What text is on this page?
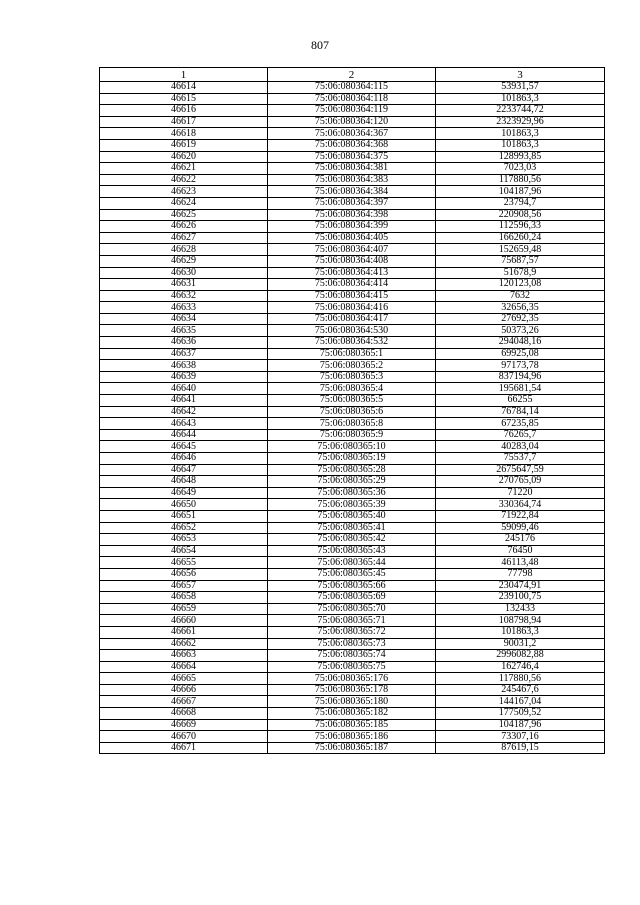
807
1	2	3
46614	75:06:080364:115	53931,57
46615	75:06:080364:118	101863,3
46616	75:06:080364:119	2233744,72
46617	75:06:080364:120	2323929,96
46618	75:06:080364:367	101863,3
46619	75:06:080364:368	101863,3
46620	75:06:080364:375	128993,85
46621	75:06:080364:381	7023,03
46622	75:06:080364:383	117880,56
46623	75:06:080364:384	104187,96
46624	75:06:080364:397	23794,7
46625	75:06:080364:398	220908,56
46626	75:06:080364:399	112596,33
46627	75:06:080364:405	166260,24
46628	75:06:080364:407	152659,48
46629	75:06:080364:408	75687,57
46630	75:06:080364:413	51678,9
46631	75:06:080364:414	120123,08
46632	75:06:080364:415	7632
46633	75:06:080364:416	32656,35
46634	75:06:080364:417	27692,35
46635	75:06:080364:530	50373,26
46636	75:06:080364:532	294048,16
46637	75:06:080365:1	69925,08
46638	75:06:080365:2	97173,78
46639	75:06:080365:3	837194,96
46640	75:06:080365:4	195681,54
46641	75:06:080365:5	66255
46642	75:06:080365:6	76784,14
46643	75:06:080365:8	67235,85
46644	75:06:080365:9	76265,7
46645	75:06:080365:10	40283,04
46646	75:06:080365:19	75537,7
46647	75:06:080365:28	2675647,59
46648	75:06:080365:29	270765,09
46649	75:06:080365:36	71220
46650	75:06:080365:39	330364,74
46651	75:06:080365:40	71922,84
46652	75:06:080365:41	59099,46
46653	75:06:080365:42	245176
46654	75:06:080365:43	76450
46655	75:06:080365:44	46113,48
46656	75:06:080365:45	77798
46657	75:06:080365:66	230474,91
46658	75:06:080365:69	239100,75
46659	75:06:080365:70	132433
46660	75:06:080365:71	108798,94
46661	75:06:080365:72	101863,3
46662	75:06:080365:73	90031,2
46663	75:06:080365:74	2996082,88
46664	75:06:080365:75	162746,4
46665	75:06:080365:176	117880,56
46666	75:06:080365:178	245467,6
46667	75:06:080365:180	144167,04
46668	75:06:080365:182	177509,52
46669	75:06:080365:185	104187,96
46670	75:06:080365:186	73307,16
46671	75:06:080365:187	87619,15
